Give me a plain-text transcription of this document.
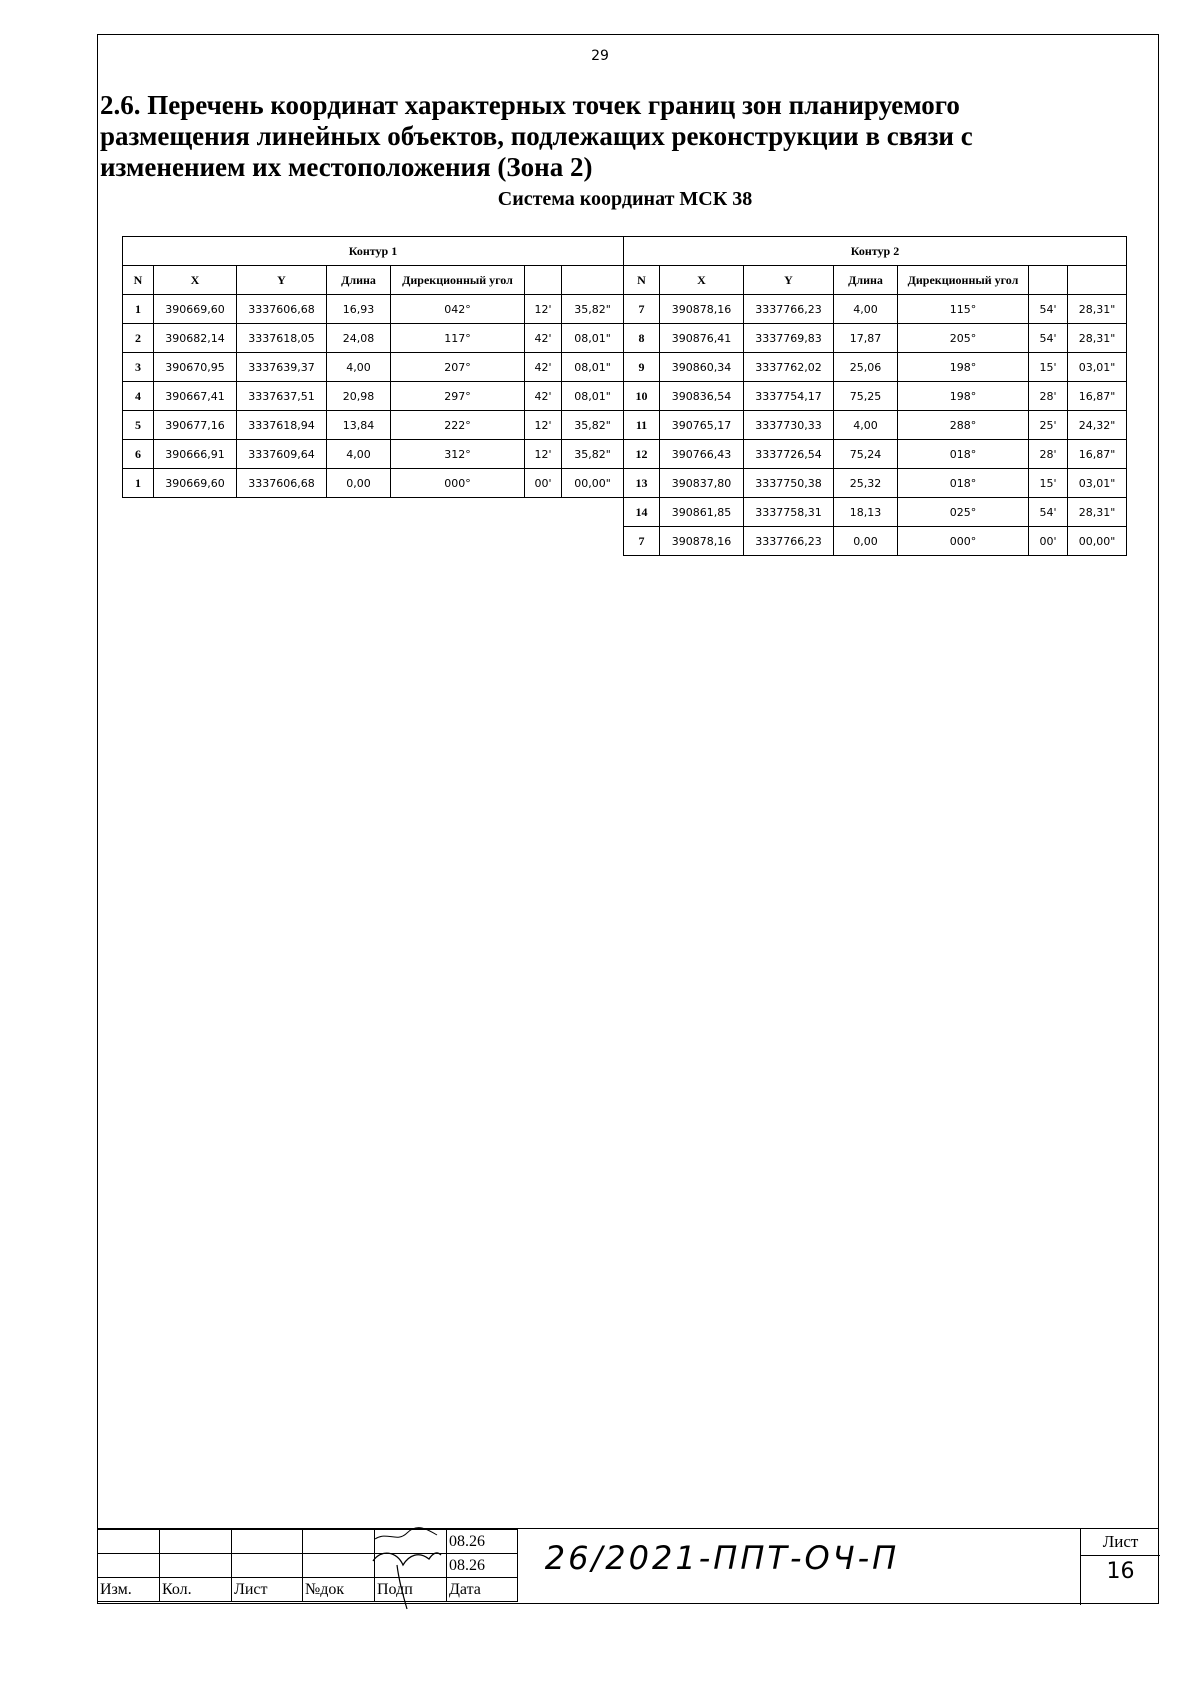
29
2.6. Перечень координат характерных точек границ зон планируемого размещения линейных объектов, подлежащих реконструкции в связи с изменением их местоположения (Зона 2)
Система координат МСК 38
Контур 1						
N	X	Y	Длина	Дирекционный угол		
1	390669,60	3337606,68	16,93	042°	12'	35,82"
2	390682,14	3337618,05	24,08	117°	42'	08,01"
3	390670,95	3337639,37	4,00	207°	42'	08,01"
4	390667,41	3337637,51	20,98	297°	42'	08,01"
5	390677,16	3337618,94	13,84	222°	12'	35,82"
6	390666,91	3337609,64	4,00	312°	12'	35,82"
1	390669,60	3337606,68	0,00	000°	00'	00,00"
Контур 2						
N	X	Y	Длина	Дирекционный угол		
7	390878,16	3337766,23	4,00	115°	54'	28,31"
8	390876,41	3337769,83	17,87	205°	54'	28,31"
9	390860,34	3337762,02	25,06	198°	15'	03,01"
10	390836,54	3337754,17	75,25	198°	28'	16,87"
11	390765,17	3337730,33	4,00	288°	25'	24,32"
12	390766,43	3337726,54	75,24	018°	28'	16,87"
13	390837,80	3337750,38	25,32	018°	15'	03,01"
14	390861,85	3337758,31	18,13	025°	54'	28,31"
7	390878,16	3337766,23	0,00	000°	00'	00,00"
					08.26
					08.26
Изм.	Кол.	Лист	№док	Подп	Дата
26/2021-ППТ-ОЧ-П	Лист
16
